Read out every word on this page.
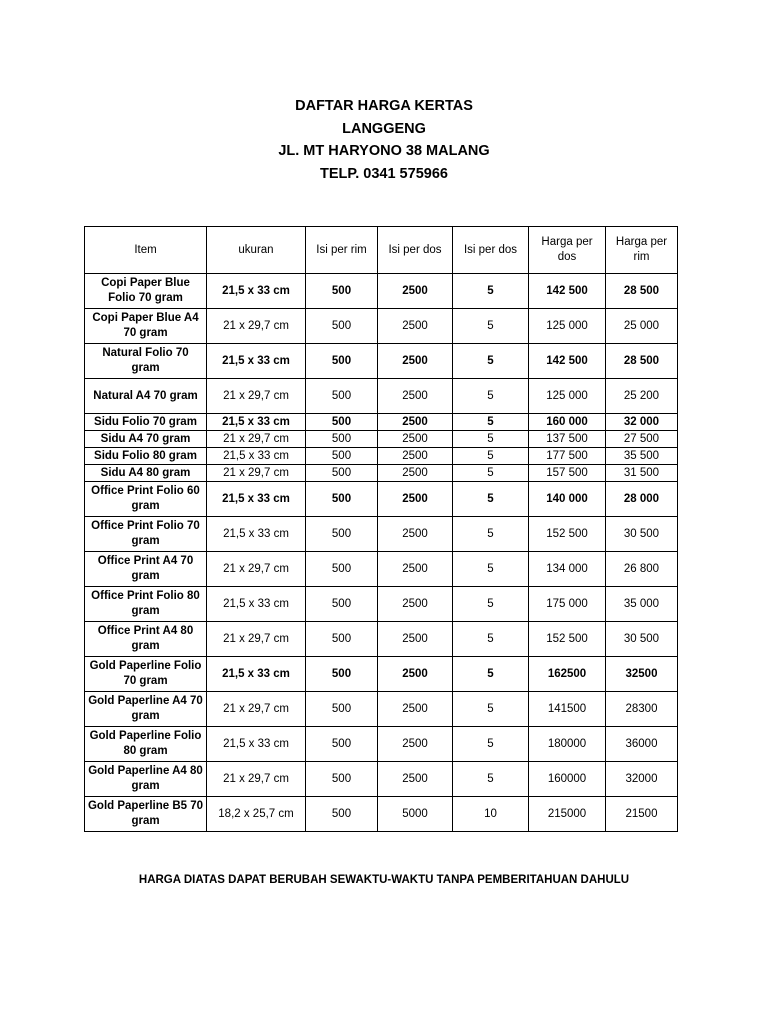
DAFTAR HARGA KERTAS
LANGGENG
JL. MT HARYONO 38 MALANG
TELP. 0341 575966
Item	ukuran	Isi per rim	Isi per dos	Isi per dos	Harga per dos	Harga per rim
Copi Paper Blue Folio 70 gram	21,5 x 33 cm	500	2500	5	142 500	28 500
Copi Paper Blue A4 70 gram	21 x 29,7 cm	500	2500	5	125 000	25 000
Natural Folio 70 gram	21,5 x 33 cm	500	2500	5	142 500	28 500
Natural A4 70 gram	21 x 29,7 cm	500	2500	5	125 000	25 200
Sidu Folio 70 gram	21,5 x 33 cm	500	2500	5	160 000	32 000
Sidu A4 70 gram	21 x 29,7 cm	500	2500	5	137 500	27 500
Sidu Folio 80 gram	21,5 x 33 cm	500	2500	5	177 500	35 500
Sidu A4 80 gram	21 x 29,7 cm	500	2500	5	157 500	31 500
Office Print Folio 60 gram	21,5 x 33 cm	500	2500	5	140 000	28 000
Office Print Folio 70 gram	21,5 x 33 cm	500	2500	5	152 500	30 500
Office Print A4 70 gram	21 x 29,7 cm	500	2500	5	134 000	26 800
Office Print Folio 80 gram	21,5 x 33 cm	500	2500	5	175 000	35 000
Office Print A4 80 gram	21 x 29,7 cm	500	2500	5	152 500	30 500
Gold Paperline Folio 70 gram	21,5 x 33 cm	500	2500	5	162500	32500
Gold Paperline A4 70 gram	21 x 29,7 cm	500	2500	5	141500	28300
Gold Paperline Folio 80 gram	21,5 x 33 cm	500	2500	5	180000	36000
Gold Paperline A4 80 gram	21 x 29,7 cm	500	2500	5	160000	32000
Gold Paperline B5 70 gram	18,2 x 25,7 cm	500	5000	10	215000	21500
HARGA DIATAS DAPAT BERUBAH SEWAKTU-WAKTU TANPA PEMBERITAHUAN DAHULU
